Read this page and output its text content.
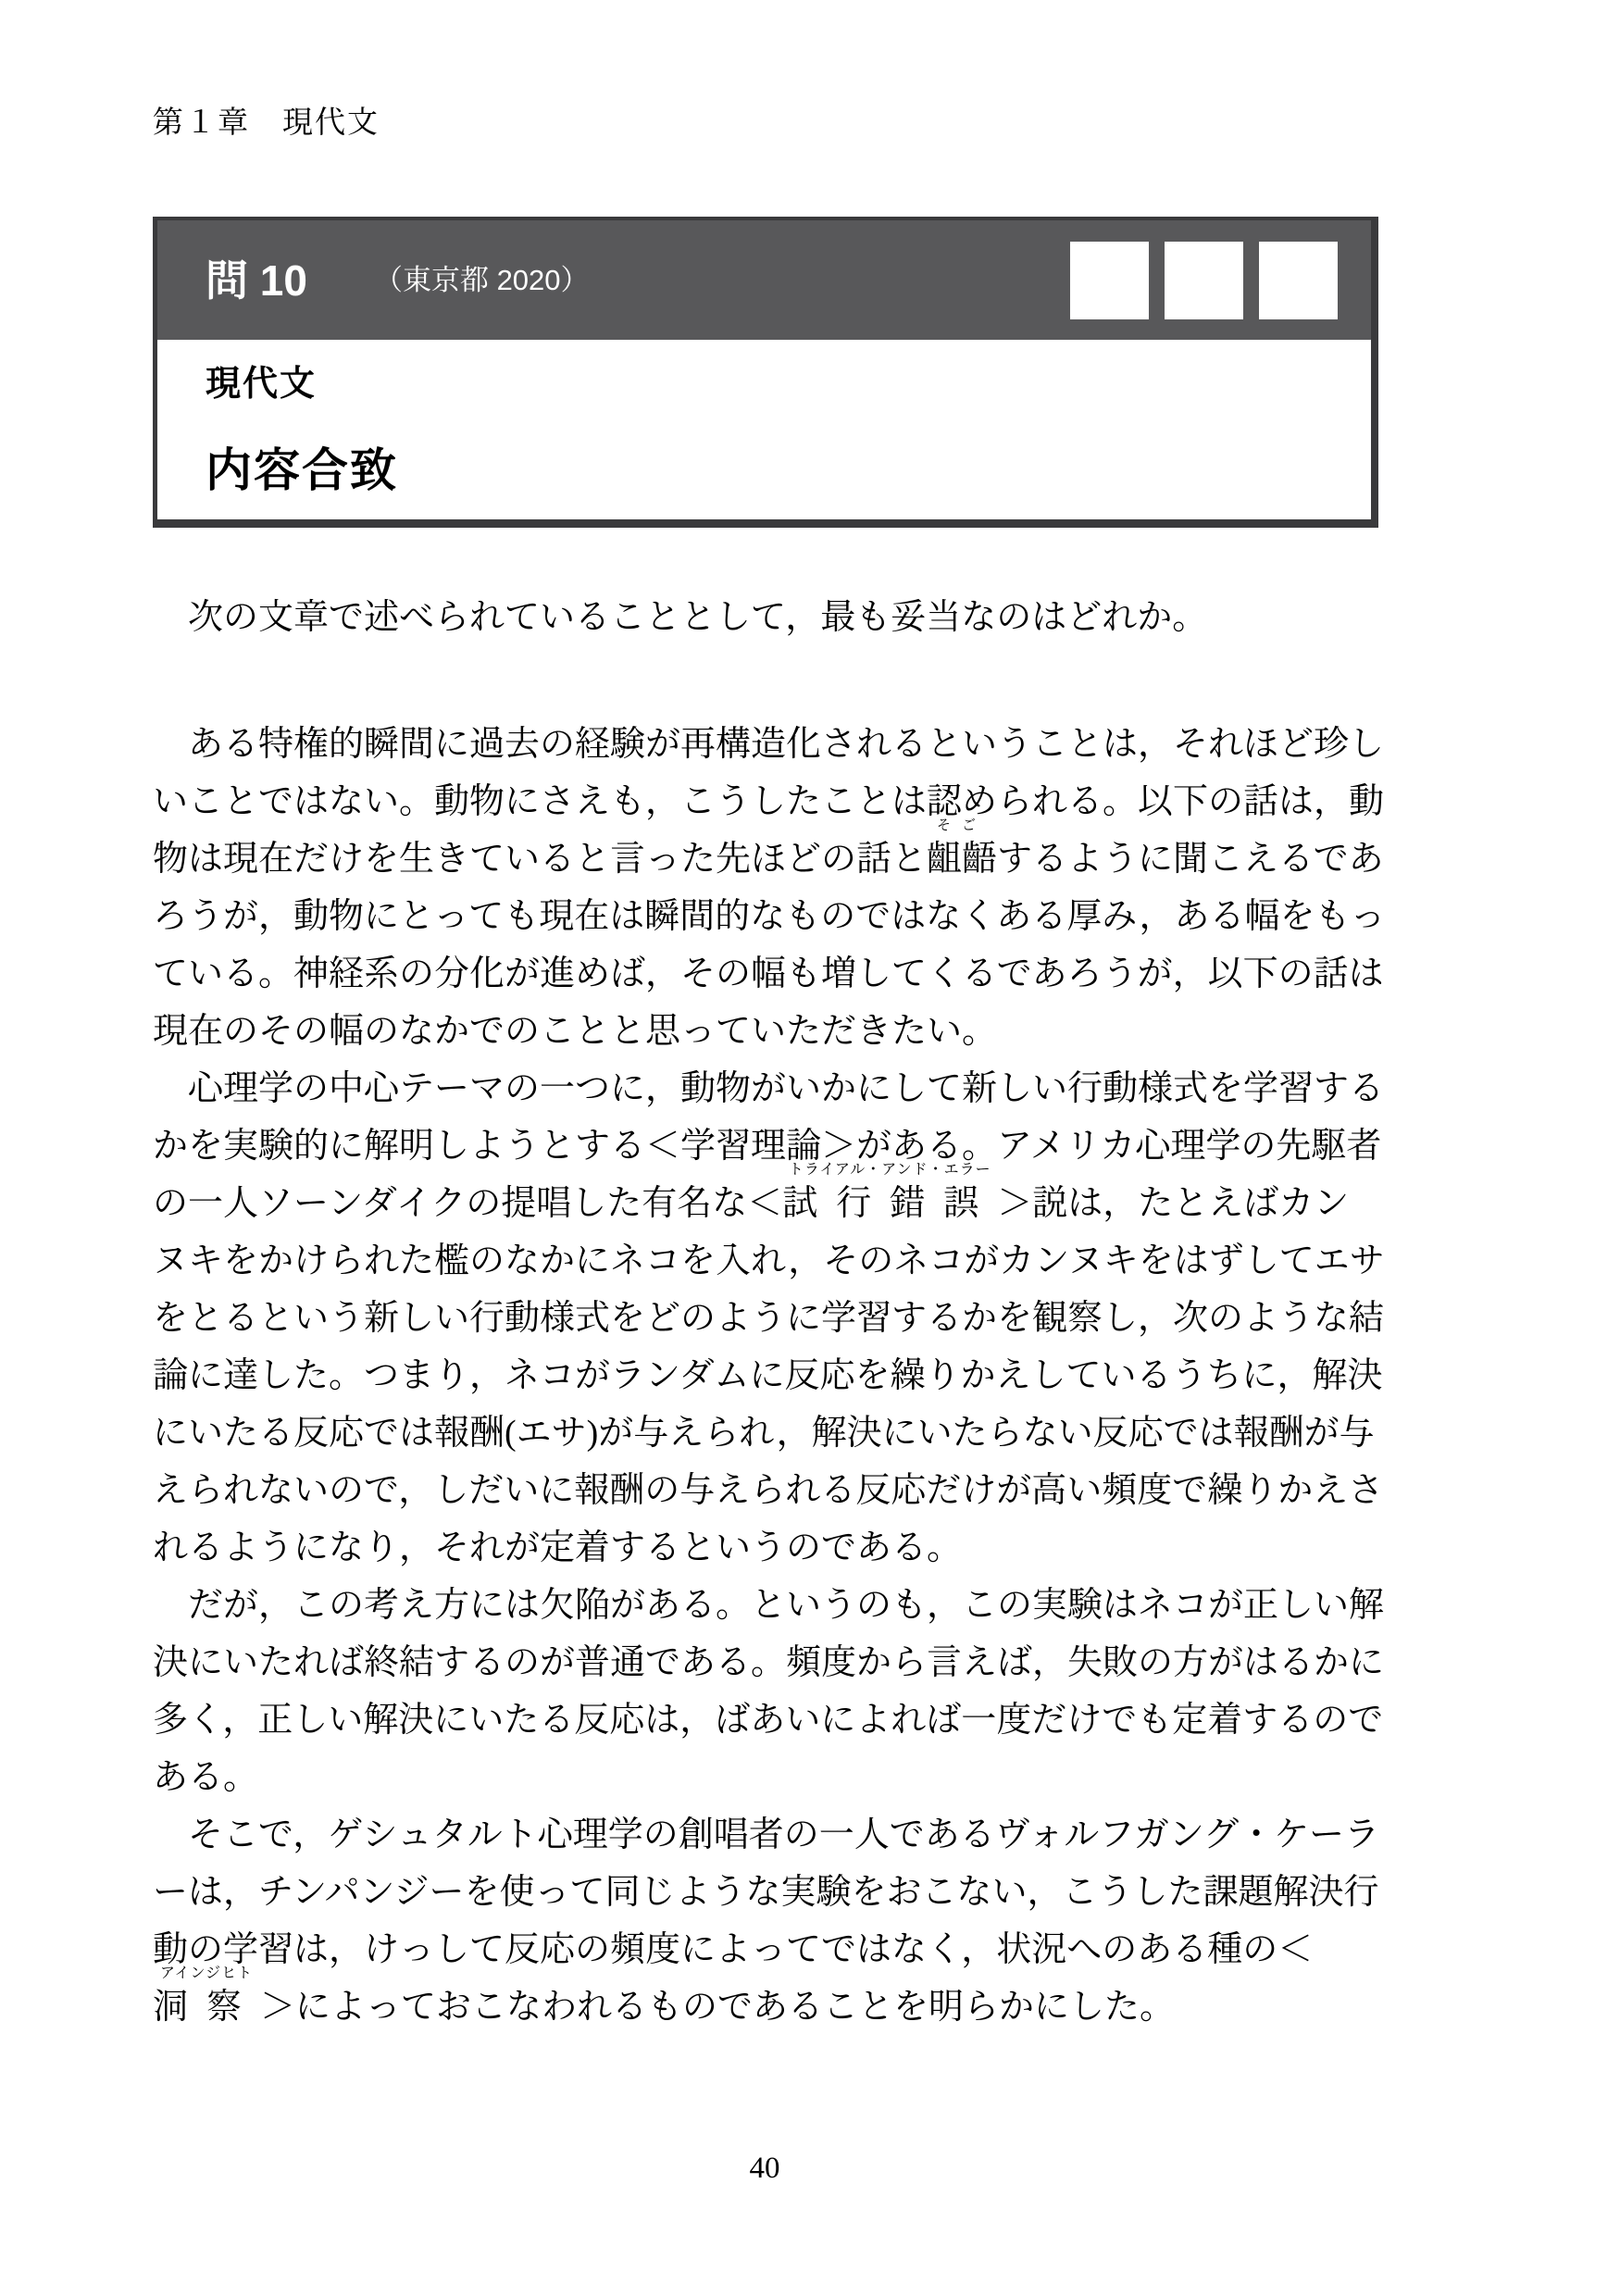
第１章　現代文
問 10 （東京都 2020）
現代文
内容合致
　次の文章で述べられていることとして，最も妥当なのはどれか。
　ある特権的瞬間に過去の経験が再構造化されるということは，それほど珍し
いことではない。動物にさえも，こうしたことは認められる。以下の話は，動
物は現在だけを生きていると言った先ほどの話と齟齬
そご
するように聞こえるであ
ろうが，動物にとっても現在は瞬間的なものではなくある厚み，ある幅をもっ
ている。神経系の分化が進めば，その幅も増してくるであろうが，以下の話は
現在のその幅のなかでのことと思っていただきたい。
　心理学の中心テーマの一つに，動物がいかにして新しい行動様式を学習する
かを実験的に解明しようとする＜学習理論＞がある。アメリカ心理学の先駆者
の一人ソーンダイクの提唱した有名な＜試行錯誤
トライアル・アンド・エラー
＞説は，たとえばカン
ヌキをかけられた檻のなかにネコを入れ，そのネコがカンヌキをはずしてエサ
をとるという新しい行動様式をどのように学習するかを観察し，次のような結
論に達した。つまり，ネコがランダムに反応を繰りかえしているうちに，解決
にいたる反応では報酬(エサ)が与えられ，解決にいたらない反応では報酬が与
えられないので，しだいに報酬の与えられる反応だけが高い頻度で繰りかえさ
れるようになり，それが定着するというのである。
　だが，この考え方には欠陥がある。というのも，この実験はネコが正しい解
決にいたれば終結するのが普通である。頻度から言えば，失敗の方がはるかに
多く，正しい解決にいたる反応は，ばあいによれば一度だけでも定着するので
ある。
　そこで，ゲシュタルト心理学の創唱者の一人であるヴォルフガング・ケーラ
ーは，チンパンジーを使って同じような実験をおこない，こうした課題解決行
動の学習は，けっして反応の頻度によってではなく，状況へのある種の＜
洞察
アインジヒト
＞によっておこなわれるものであることを明らかにした。
40
